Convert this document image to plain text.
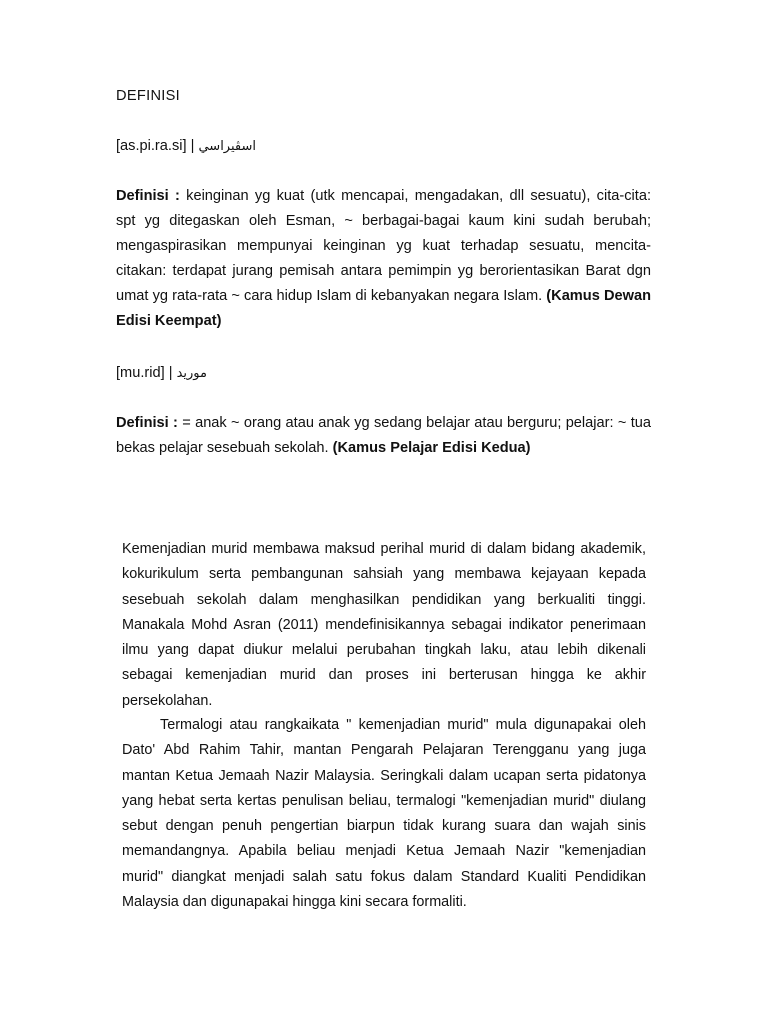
DEFINISI

[as.pi.ra.si] | اسڤيراسي

Definisi : keinginan yg kuat (utk mencapai, mengadakan, dll sesuatu), cita-cita: spt yg ditegaskan oleh Esman, ~ berbagai-bagai kaum kini sudah berubah; mengaspirasikan mempunyai keinginan yg kuat terhadap sesuatu, mencita-citakan: terdapat jurang pemisah antara pemimpin yg berorientasikan Barat dgn umat yg rata-rata ~ cara hidup Islam di kebanyakan negara Islam. (Kamus Dewan Edisi Keempat)

[mu.rid] | موريد

Definisi : = anak ~ orang atau anak yg sedang belajar atau berguru; pelajar: ~ tua bekas pelajar sesebuah sekolah. (Kamus Pelajar Edisi Kedua)

Kemenjadian murid membawa maksud perihal murid di dalam bidang akademik, kokurikulum serta pembangunan sahsiah yang membawa kejayaan kepada sesebuah sekolah dalam menghasilkan pendidikan yang berkualiti tinggi. Manakala Mohd Asran (2011) mendefinisikannya sebagai indikator penerimaan ilmu yang dapat diukur melalui perubahan tingkah laku, atau lebih dikenali sebagai kemenjadian murid dan proses ini berterusan hingga ke akhir persekolahan.

Termalogi atau rangkaikata " kemenjadian murid" mula digunapakai oleh Dato' Abd Rahim Tahir, mantan Pengarah Pelajaran Terengganu yang juga mantan Ketua Jemaah Nazir Malaysia. Seringkali dalam ucapan serta pidatonya yang hebat serta kertas penulisan beliau, termalogi "kemenjadian murid" diulang sebut dengan penuh pengertian biarpun tidak kurang suara dan wajah sinis memandangnya. Apabila beliau menjadi Ketua Jemaah Nazir "kemenjadian murid" diangkat menjadi salah satu fokus dalam Standard Kualiti Pendidikan Malaysia dan digunapakai hingga kini secara formaliti.
